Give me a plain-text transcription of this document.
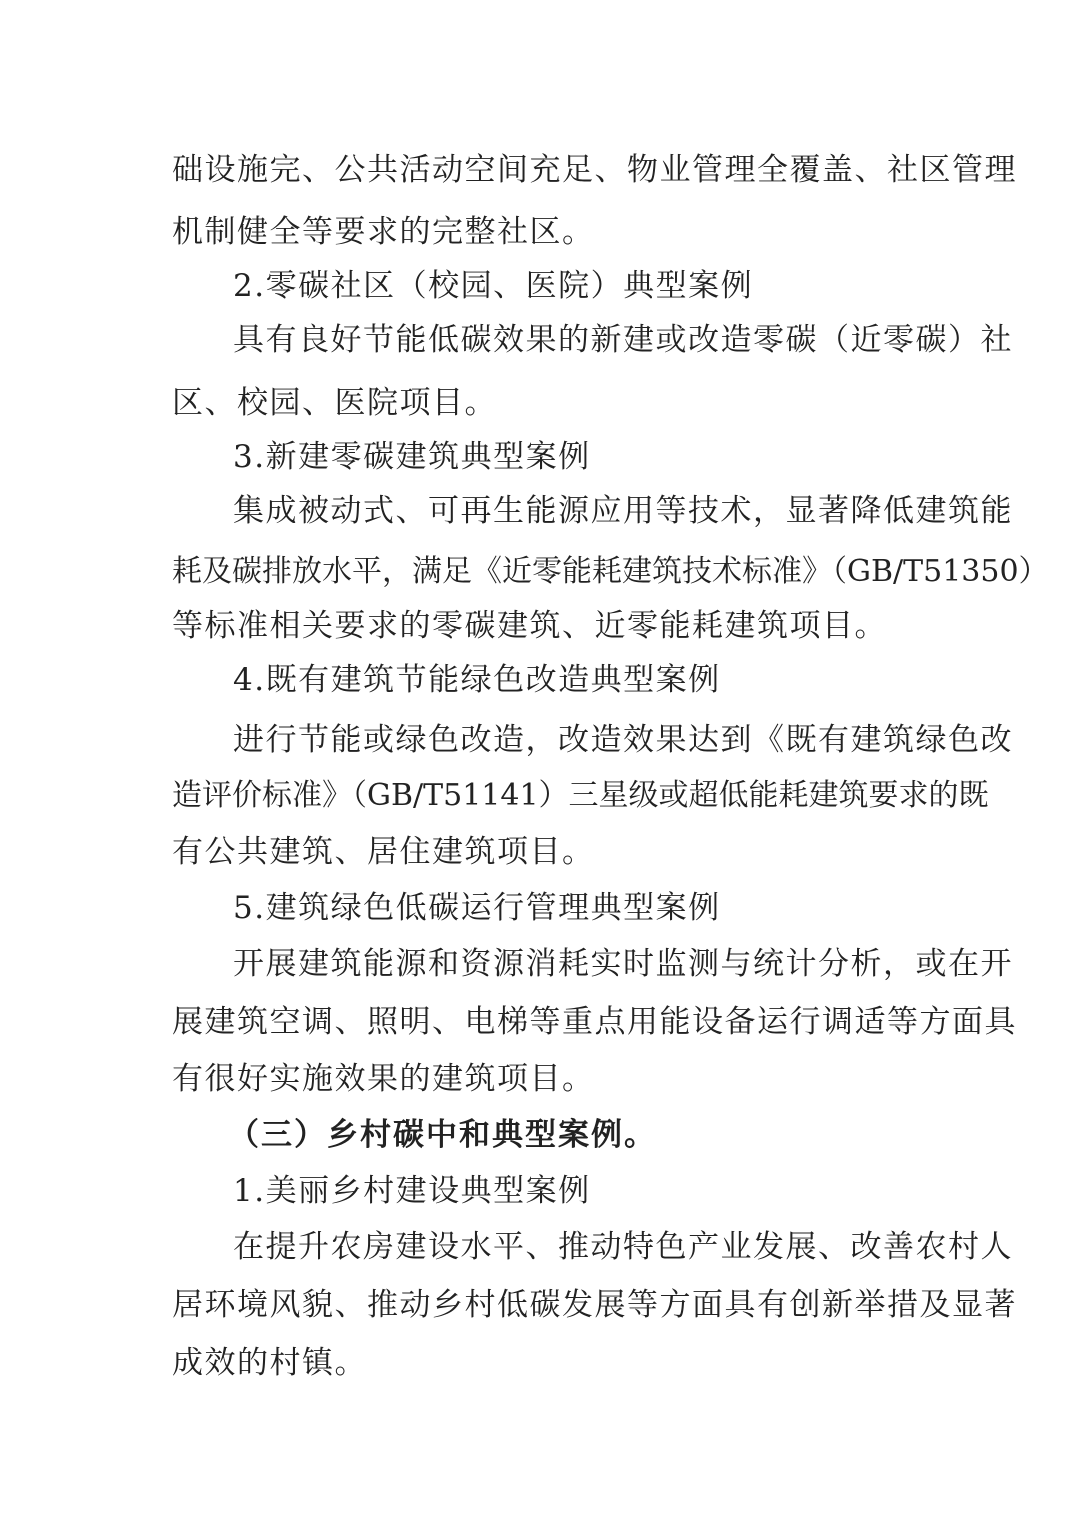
础设施完、公共活动空间充足、物业管理全覆盖、社区管理
机制健全等要求的完整社区。
2.零碳社区（校园、医院）典型案例
具有良好节能低碳效果的新建或改造零碳（近零碳）社
区、校园、医院项目。
3.新建零碳建筑典型案例
集成被动式、可再生能源应用等技术，显著降低建筑能
耗及碳排放水平，满足《近零能耗建筑技术标准》（GB/T51350）
等标准相关要求的零碳建筑、近零能耗建筑项目。
4.既有建筑节能绿色改造典型案例
进行节能或绿色改造，改造效果达到《既有建筑绿色改
造评价标准》（GB/T51141）三星级或超低能耗建筑要求的既
有公共建筑、居住建筑项目。
5.建筑绿色低碳运行管理典型案例
开展建筑能源和资源消耗实时监测与统计分析，或在开
展建筑空调、照明、电梯等重点用能设备运行调适等方面具
有很好实施效果的建筑项目。
（三）乡村碳中和典型案例。
1.美丽乡村建设典型案例
在提升农房建设水平、推动特色产业发展、改善农村人
居环境风貌、推动乡村低碳发展等方面具有创新举措及显著
成效的村镇。
